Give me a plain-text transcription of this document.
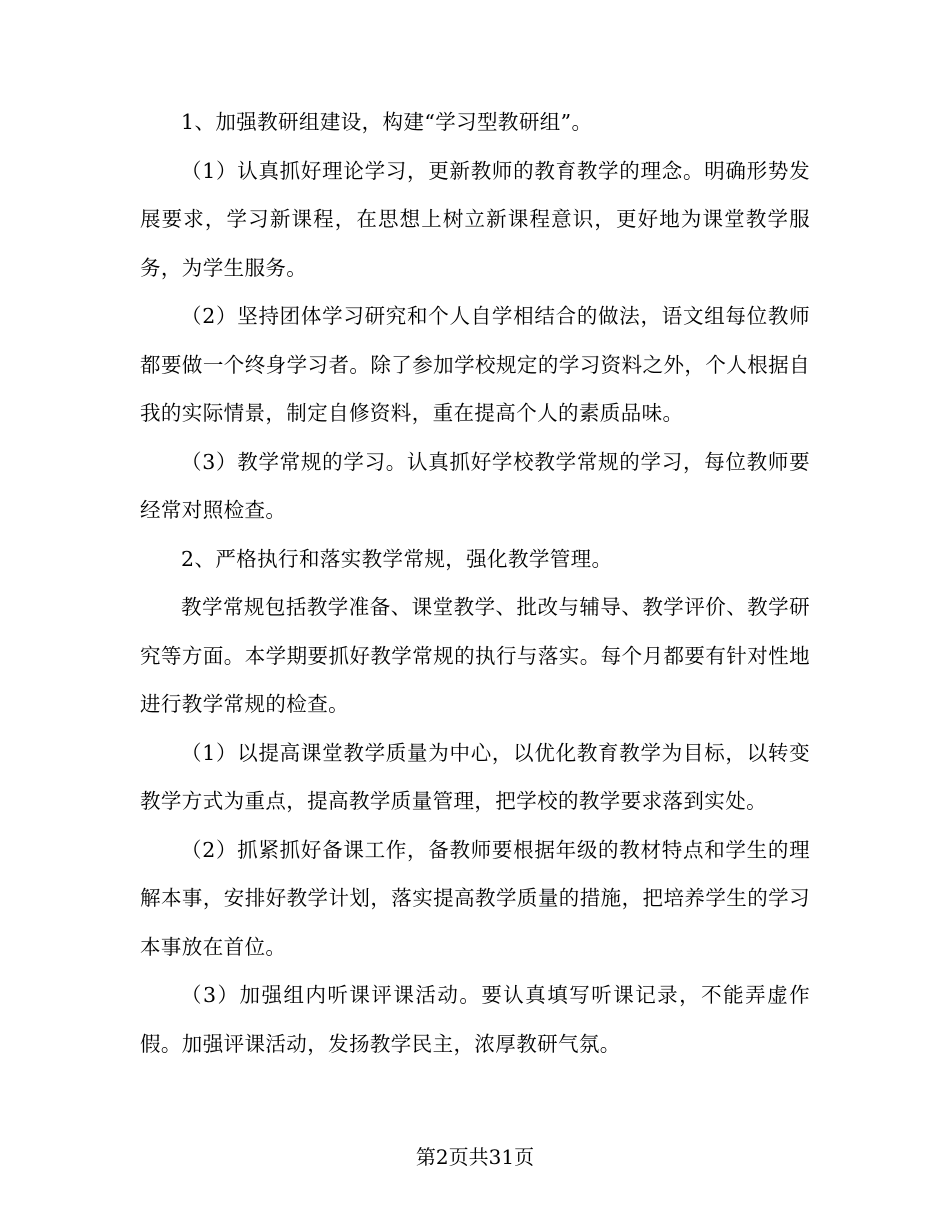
1、加强教研组建设，构建“学习型教研组”。

（1）认真抓好理论学习，更新教师的教育教学的理念。明确形势发展要求，学习新课程，在思想上树立新课程意识，更好地为课堂教学服务，为学生服务。

（2）坚持团体学习研究和个人自学相结合的做法，语文组每位教师都要做一个终身学习者。除了参加学校规定的学习资料之外，个人根据自我的实际情景，制定自修资料，重在提高个人的素质品味。

（3）教学常规的学习。认真抓好学校教学常规的学习，每位教师要经常对照检查。

2、严格执行和落实教学常规，强化教学管理。

教学常规包括教学准备、课堂教学、批改与辅导、教学评价、教学研究等方面。本学期要抓好教学常规的执行与落实。每个月都要有针对性地进行教学常规的检查。

（1）以提高课堂教学质量为中心，以优化教育教学为目标，以转变教学方式为重点，提高教学质量管理，把学校的教学要求落到实处。

（2）抓紧抓好备课工作，备教师要根据年级的教材特点和学生的理解本事，安排好教学计划，落实提高教学质量的措施，把培养学生的学习本事放在首位。

（3）加强组内听课评课活动。要认真填写听课记录，不能弄虚作假。加强评课活动，发扬教学民主，浓厚教研气氛。

第2页共31页
